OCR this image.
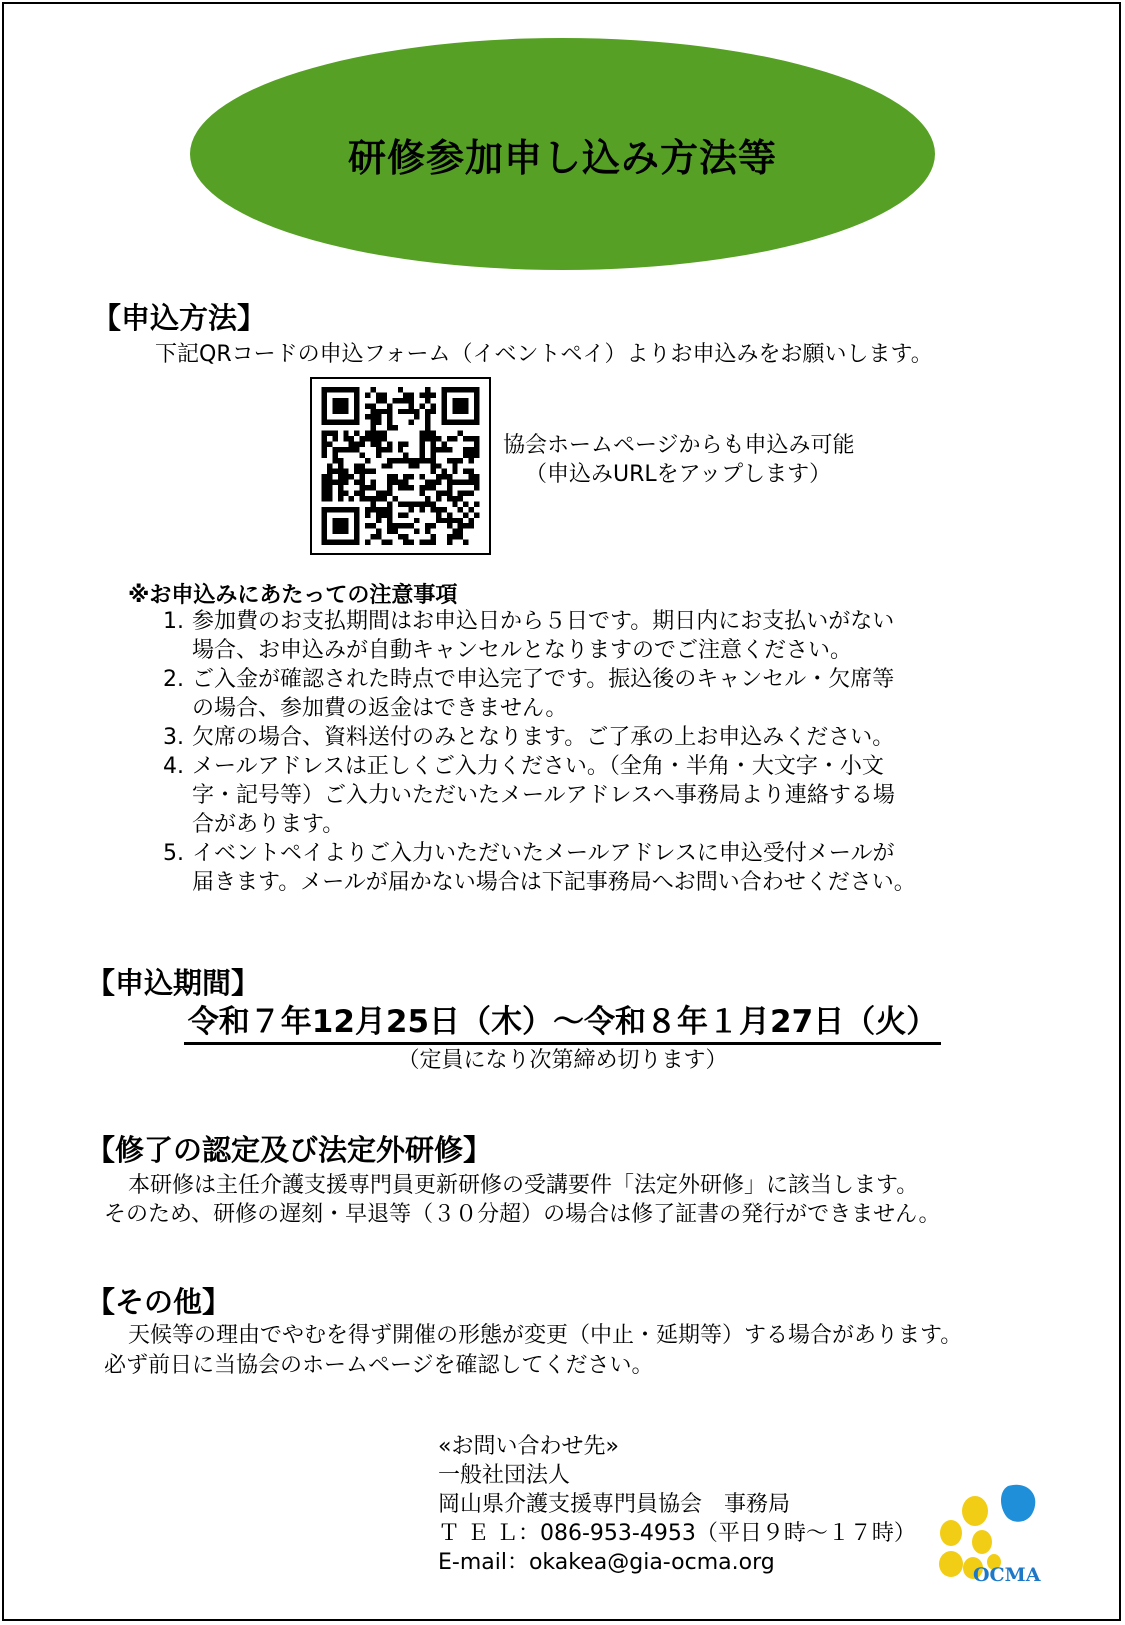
研修参加申し込み方法等
【申込方法】
下記QRコードの申込フォーム（イベントペイ）よりお申込みをお願いします。
協会ホームページからも申込み可能
（申込みURLをアップします）
※お申込みにあたっての注意事項
1. 参加費のお支払期間はお申込日から５日です。期日内にお支払いがない
場合、お申込みが自動キャンセルとなりますのでご注意ください。
2. ご入金が確認された時点で申込完了です。振込後のキャンセル・欠席等
の場合、参加費の返金はできません。
3. 欠席の場合、資料送付のみとなります。ご了承の上お申込みください。
4. メールアドレスは正しくご入力ください。（全角・半角・大文字・小文
字・記号等）ご入力いただいたメールアドレスへ事務局より連絡する場
合があります。
5. イベントペイよりご入力いただいたメールアドレスに申込受付メールが
届きます。メールが届かない場合は下記事務局へお問い合わせください。
【申込期間】
令和７年12月25日（木）～令和８年１月27日（火）
（定員になり次第締め切ります）
【修了の認定及び法定外研修】
本研修は主任介護支援専門員更新研修の受講要件「法定外研修」に該当します。
そのため、研修の遅刻・早退等（３０分超）の場合は修了証書の発行ができません。
【その他】
天候等の理由でやむを得ず開催の形態が変更（中止・延期等）する場合があります。
必ず前日に当協会のホームページを確認してください。
«お問い合わせ先»
一般社団法人
岡山県介護支援専門員協会　事務局
Ｔ Ｅ Ｌ：086-953-4953（平日９時～１７時）
E-mail：okakea@gia-ocma.org	OCMA
